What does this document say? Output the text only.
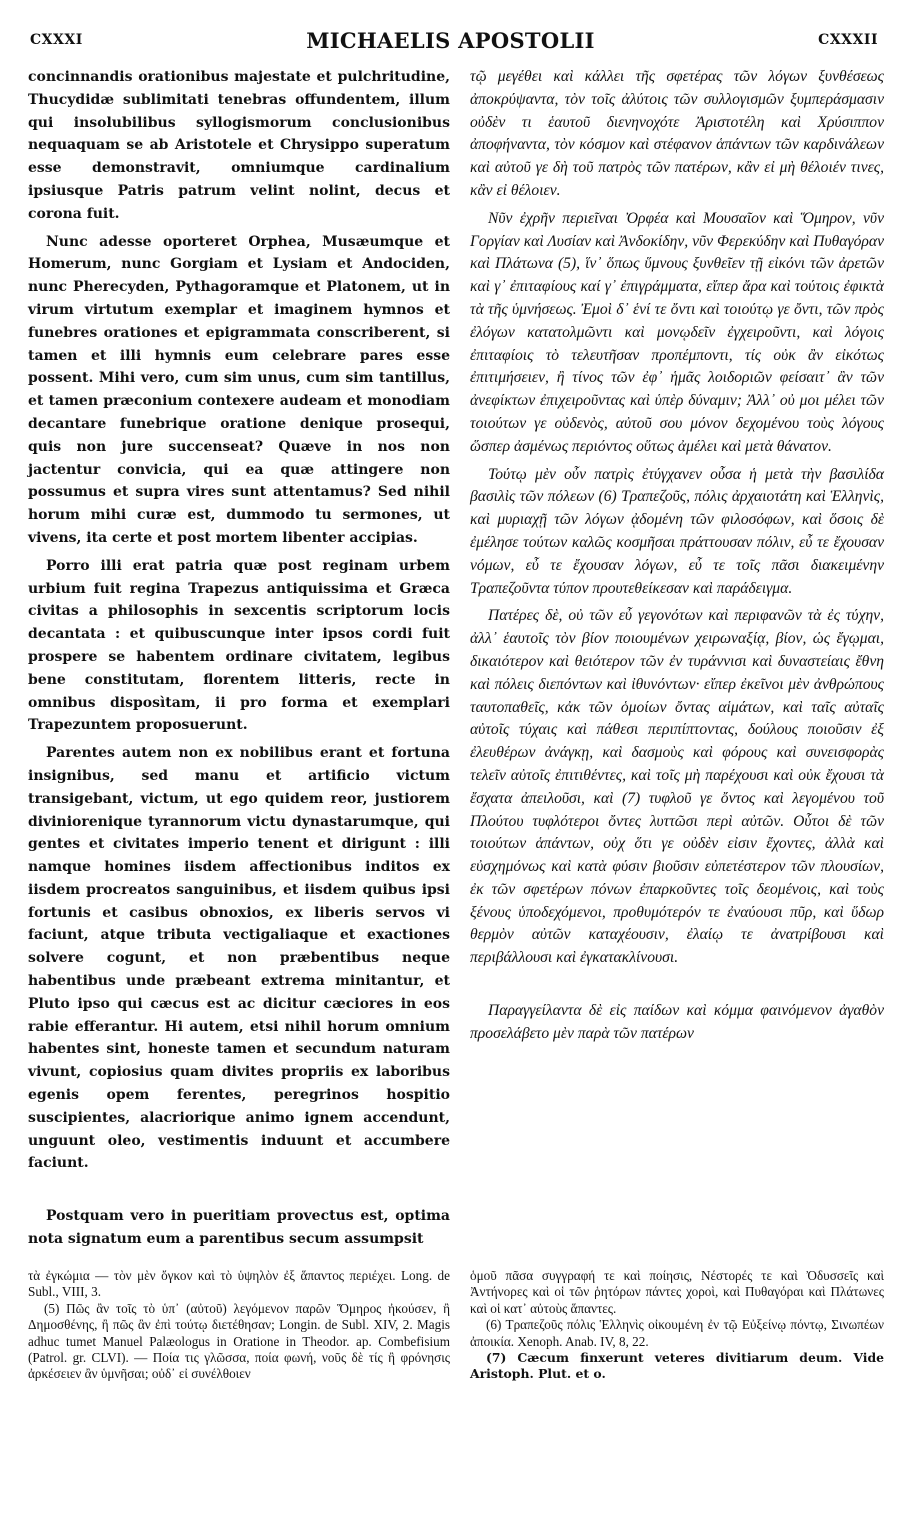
CXXXI	MICHAELIS APOSTOLII	CXXXII

concinnandis orationibus majestate et pulchritudine, Thucydidæ sublimitati tenebras offundentem, illum qui insolubilibus syllogismorum conclusionibus nequaquam se ab Aristotele et Chrysippo superatum esse demonstravit, omniumque cardinalium ipsiusque Patris patrum velint nolint, decus et corona fuit.

Nunc adesse oporteret Orphea, Musæumque et Homerum, nunc Gorgiam et Lysiam et Andociden, nunc Pherecyden, Pythagoramque et Platonem, ut in virum virtutum exemplar et imaginem hymnos et funebres orationes et epigrammata conscriberent, si tamen et illi hymnis eum celebrare pares esse possent. Mihi vero, cum sim unus, cum sim tantillus, et tamen præconium contexere audeam et monodiam decantare funebrique oratione denique prosequi, quis non jure succenseat? Quæve in nos non jactentur convicia, qui ea quæ attingere non possumus et supra vires sunt attentamus? Sed nihil horum mihi curæ est, dummodo tu sermones, ut vivens, ita certe et post mortem libenter accipias.

Porro illi erat patria quæ post reginam urbem urbium fuit regina Trapezus antiquissima et Græca civitas a philosophis in sexcentis scriptorum locis decantata : et quibuscunque inter ipsos cordi fuit prospere se habentem ordinare civitatem, legibus bene constitutam, florentem litteris, recte in omnibus disposìtam, ii pro forma et exemplari Trapezuntem proposuerunt.

Parentes autem non ex nobilibus erant et fortuna insignibus, sed manu et artificio victum transigebant, victum, ut ego quidem reor, justiorem diviniorenique tyrannorum victu dynastarumque, qui gentes et civitates imperio tenent et dirigunt : illi namque homines iisdem affectionibus inditos ex iisdem procreatos sanguinibus, et iisdem quibus ipsi fortunis et casibus obnoxios, ex liberis servos vi faciunt, atque tributa vectigaliaque et exactiones solvere cogunt, et non præbentibus neque habentibus unde præbeant extrema minitantur, et Pluto ipso qui cæcus est ac dicitur cæciores in eos rabie efferantur. Hi autem, etsi nihil horum omnium habentes sint, honeste tamen et secundum naturam vivunt, copiosius quam divites propriis ex laboribus egenis opem ferentes, peregrinos hospitio suscipientes, alacriorique animo ignem accendunt, unguunt oleo, vestimentis induunt et accumbere faciunt.

Postquam vero in pueritiam provectus est, optima nota signatum eum a parentibus secum assumpsit

τῷ μεγέθει καὶ κάλλει τῆς σφετέρας τῶν λόγων ξυνθέσεως ἀποκρύψαντα, τὸν τοῖς ἀλύτοις τῶν συλλογισμῶν ξυμπεράσμασιν οὐδὲν τι ἑαυτοῦ διενηνοχότε Ἀριστοτέλη καὶ Χρύσιππον ἀποφήναντα, τὸν κόσμον καὶ στέφανον ἁπάντων τῶν καρδινάλεων καὶ αὐτοῦ γε δὴ τοῦ πατρὸς τῶν πατέρων, κἂν εἰ μὴ θέλοιέν τινες, κἂν εἰ θέλοιεν.

Νῦν ἐχρῆν περιεῖναι Ὀρφέα καὶ Μουσαῖον καὶ Ὅμηρον, νῦν Γοργίαν καὶ Λυσίαν καὶ Ἀνδοκίδην, νῦν Φερεκύδην καὶ Πυθαγόραν καὶ Πλάτωνα (5), ἵν᾽ ὅπως ὕμνους ξυνθεῖεν τῇ εἰκόνι τῶν ἀρετῶν καὶ γ᾽ ἐπιταφίους καί γ᾽ ἐπιγράμματα, εἴπερ ἄρα καὶ τούτοις ἐφικτὰ τὰ τῆς ὑμνήσεως. Ἐμοὶ δ᾽ ἑνί τε ὄντι καὶ τοιούτῳ γε ὄντι, τῶν πρὸς ἐλόγων κατατολμῶντι καὶ μονῳδεῖν ἐγχειροῦντι, καὶ λόγοις ἐπιταφίοις τὸ τελευτῆσαν προπέμποντι, τίς οὐκ ἂν εἰκότως ἐπιτιμήσειεν, ἢ τίνος τῶν ἐφ᾽ ἡμᾶς λοιδοριῶν φείσαιτ᾽ ἂν τῶν ἀνεφίκτων ἐπιχειροῦντας καὶ ὑπὲρ δύναμιν; Ἀλλ᾽ οὐ μοι μέλει τῶν τοιούτων γε οὐδενὸς, αὐτοῦ σου μόνον δεχομένου τοὺς λόγους ὥσπερ ἀσμένως περιόντος οὕτως ἀμέλει καὶ μετὰ θάνατον.

Τούτῳ μὲν οὖν πατρὶς ἐτύγχανεν οὖσα ἡ μετὰ τὴν βασιλίδα βασιλὶς τῶν πόλεων (6) Τραπεζοῦς, πόλις ἀρχαιοτάτη καὶ Ἑλληνὶς, καὶ μυριαχῇ τῶν λόγων ᾀδομένη τῶν φιλοσόφων, καὶ ὅσοις δὲ ἐμέλησε τούτων καλῶς κοσμῆσαι πράττουσαν πόλιν, εὖ τε ἔχουσαν νόμων, εὖ τε ἔχουσαν λόγων, εὖ τε τοῖς πᾶσι διακειμένην Τραπεζοῦντα τύπον προυτεθείκεσαν καὶ παράδειγμα.

Πατέρες δὲ, οὐ τῶν εὖ γεγονότων καὶ περιφανῶν τὰ ἐς τύχην, ἀλλ᾽ ἑαυτοῖς τὸν βίον ποιουμένων χειρωναξίᾳ, βίον, ὡς ἔγῳμαι, δικαιότερον καὶ θειότερον τῶν ἐν τυράννισι καὶ δυναστείαις ἔθνη καὶ πόλεις διεπόντων καὶ ἰθυνόντων· εἴπερ ἐκεῖνοι μὲν ἀνθρώπους ταυτοπαθεῖς, κἀκ τῶν ὁμοίων ὄντας αἱμάτων, καὶ ταῖς αὐταῖς αὐτοῖς τύχαις καὶ πάθεσι περιπίπτοντας, δούλους ποιοῦσιν ἐξ ἐλευθέρων ἀνάγκῃ, καὶ δασμοὺς καὶ φόρους καὶ συνεισφορὰς τελεῖν αὐτοῖς ἐπιτιθέντες, καὶ τοῖς μὴ παρέχουσι καὶ οὐκ ἔχουσι τὰ ἔσχατα ἀπειλοῦσι, καὶ (7) τυφλοῦ γε ὄντος καὶ λεγομένου τοῦ Πλούτου τυφλότεροι ὄντες λυττῶσι περὶ αὐτῶν. Οὗτοι δὲ τῶν τοιούτων ἁπάντων, οὐχ ὅτι γε οὐδὲν εἰσιν ἔχοντες, ἀλλὰ καὶ εὐσχημόνως καὶ κατὰ φύσιν βιοῦσιν εὐπετέστερον τῶν πλουσίων, ἐκ τῶν σφετέρων πόνων ἐπαρκοῦντες τοῖς δεομένοις, καὶ τοὺς ξένους ὑποδεχόμενοι, προθυμότερόν τε ἐναύουσι πῦρ, καὶ ὕδωρ θερμὸν αὐτῶν καταχέουσιν, ἐλαίῳ τε ἀνατρίβουσι καὶ περιβάλλουσι καὶ ἐγκατακλίνουσι.

Παραγγείλαντα δὲ εἰς παίδων καὶ κόμμα φαινόμενον ἀγαθὸν προσελάβετο μὲν παρὰ τῶν πατέρων

τὰ ἐγκώμια — τὸν μὲν ὄγκον καὶ τὸ ὑψηλὸν ἐξ ἅπαντος περιέχει. Long. de Subl., VIII, 3.

(5) Πῶς ἂν τοῖς τὸ ὑπ᾽ (αὐτοῦ) λεγόμενον παρῶν Ὅμηρος ἠκούσεν, ἢ Δημοσθένης, ἢ πῶς ἂν ἐπὶ τούτῳ διετέθησαν; Longin. de Subl. XIV, 2. Magis adhuc tumet Manuel Palæologus in Oratione in Theodor. ap. Combefisium (Patrol. gr. CLVI). — Ποία τις γλῶσσα, ποία φωνή, νοῦς δὲ τίς ἢ φρόνησις ἀρκέσειεν ἂν ὑμνῆσαι; οὐδ᾽ εἰ συνέλθοιεν

ὁμοῦ πᾶσα συγγραφή τε καὶ ποίησις, Νέστορές τε καὶ Ὀδυσσεῖς καὶ Ἀντήνορες καὶ οἱ τῶν ῥητόρων πάντες χοροὶ, καὶ Πυθαγόραι καὶ Πλάτωνες καὶ οἱ κατ᾽ αὐτοὺς ἅπαντες.

(6) Τραπεζοῦς πόλις Ἑλληνὶς οἰκουμένη ἐν τῷ Εὐξείνῳ πόντῳ, Σινωπέων ἀποικία. Xenoph. Anab. IV, 8, 22.

(7) Cæcum finxerunt veteres divitiarum deum. Vide Aristoph. Plut. et o.
